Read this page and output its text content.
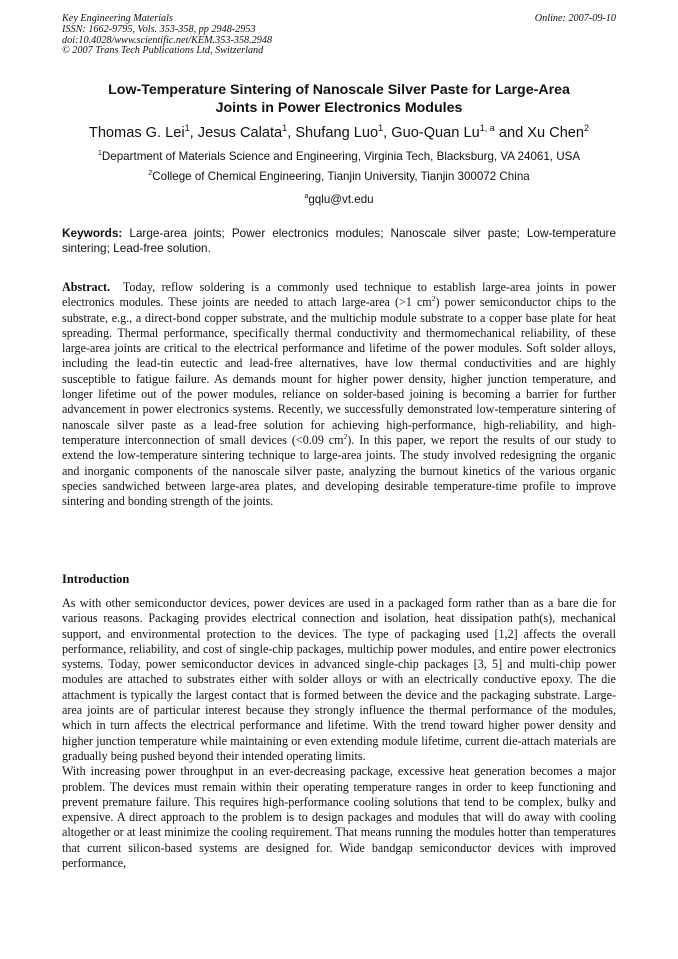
Key Engineering Materials
ISSN: 1662-9795, Vols. 353-358, pp 2948-2953
doi:10.4028/www.scientific.net/KEM.353-358.2948
© 2007 Trans Tech Publications Ltd, Switzerland
Online: 2007-09-10
Low-Temperature Sintering of Nanoscale Silver Paste for Large-Area
Joints in Power Electronics Modules
Thomas G. Lei$^1$, Jesus Calata$^1$, Shufang Luo$^1$, Guo-Quan Lu$^{1, a}$ and Xu Chen$^2$
$^1$Department of Materials Science and Engineering, Virginia Tech, Blacksburg, VA 24061, USA
$^2$College of Chemical Engineering, Tianjin University, Tianjin 300072 China
$^a$gqlu@vt.edu
Keywords: Large-area joints; Power electronics modules; Nanoscale silver paste; Low-temperature sintering; Lead-free solution.
Abstract. Today, reflow soldering is a commonly used technique to establish large-area joints in power electronics modules. These joints are needed to attach large-area (>1 $cm^2$) power semiconductor chips to the substrate, e.g., a direct-bond copper substrate, and the multichip module substrate to a copper base plate for heat spreading. Thermal performance, specifically thermal conductivity and thermomechanical reliability, of these large-area joints are critical to the electrical performance and lifetime of the power modules. Soft solder alloys, including the lead-tin eutectic and lead-free alternatives, have low thermal conductivities and are highly susceptible to fatigue failure. As demands mount for higher power density, higher junction temperature, and longer lifetime out of the power modules, reliance on solder-based joining is becoming a barrier for further advancement in power electronics systems. Recently, we successfully demonstrated low-temperature sintering of nanoscale silver paste as a lead-free solution for achieving high-performance, high-reliability, and high-temperature interconnection of small devices (<0.09 $cm^2$). In this paper, we report the results of our study to extend the low-temperature sintering technique to large-area joints. The study involved redesigning the organic and inorganic components of the nanoscale silver paste, analyzing the burnout kinetics of the various organic species sandwiched between large-area plates, and developing desirable temperature-time profile to improve sintering and bonding strength of the joints.
Introduction
As with other semiconductor devices, power devices are used in a packaged form rather than as a bare die for various reasons. Packaging provides electrical connection and isolation, heat dissipation path(s), mechanical support, and environmental protection to the devices. The type of packaging used [1,2] affects the overall performance, reliability, and cost of single-chip packages, multichip power modules, and entire power electronics systems. Today, power semiconductor devices in advanced single-chip packages [3, 5] and multi-chip power modules are attached to substrates either with solder alloys or with an electrically conductive epoxy. The die attachment is typically the largest contact that is formed between the device and the packaging substrate. Large-area joints are of particular interest because they strongly influence the thermal performance of the modules, which in turn affects the electrical performance and lifetime. With the trend toward higher power density and higher junction temperature while maintaining or even extending module lifetime, current die-attach materials are gradually being pushed beyond their intended operating limits.
With increasing power throughput in an ever-decreasing package, excessive heat generation becomes a major problem. The devices must remain within their operating temperature ranges in order to keep functioning and prevent premature failure. This requires high-performance cooling solutions that tend to be complex, bulky and expensive. A direct approach to the problem is to design packages and modules that will do away with cooling altogether or at least minimize the cooling requirement. That means running the modules hotter than temperatures that current silicon-based systems are designed for. Wide bandgap semiconductor devices with improved performance,
